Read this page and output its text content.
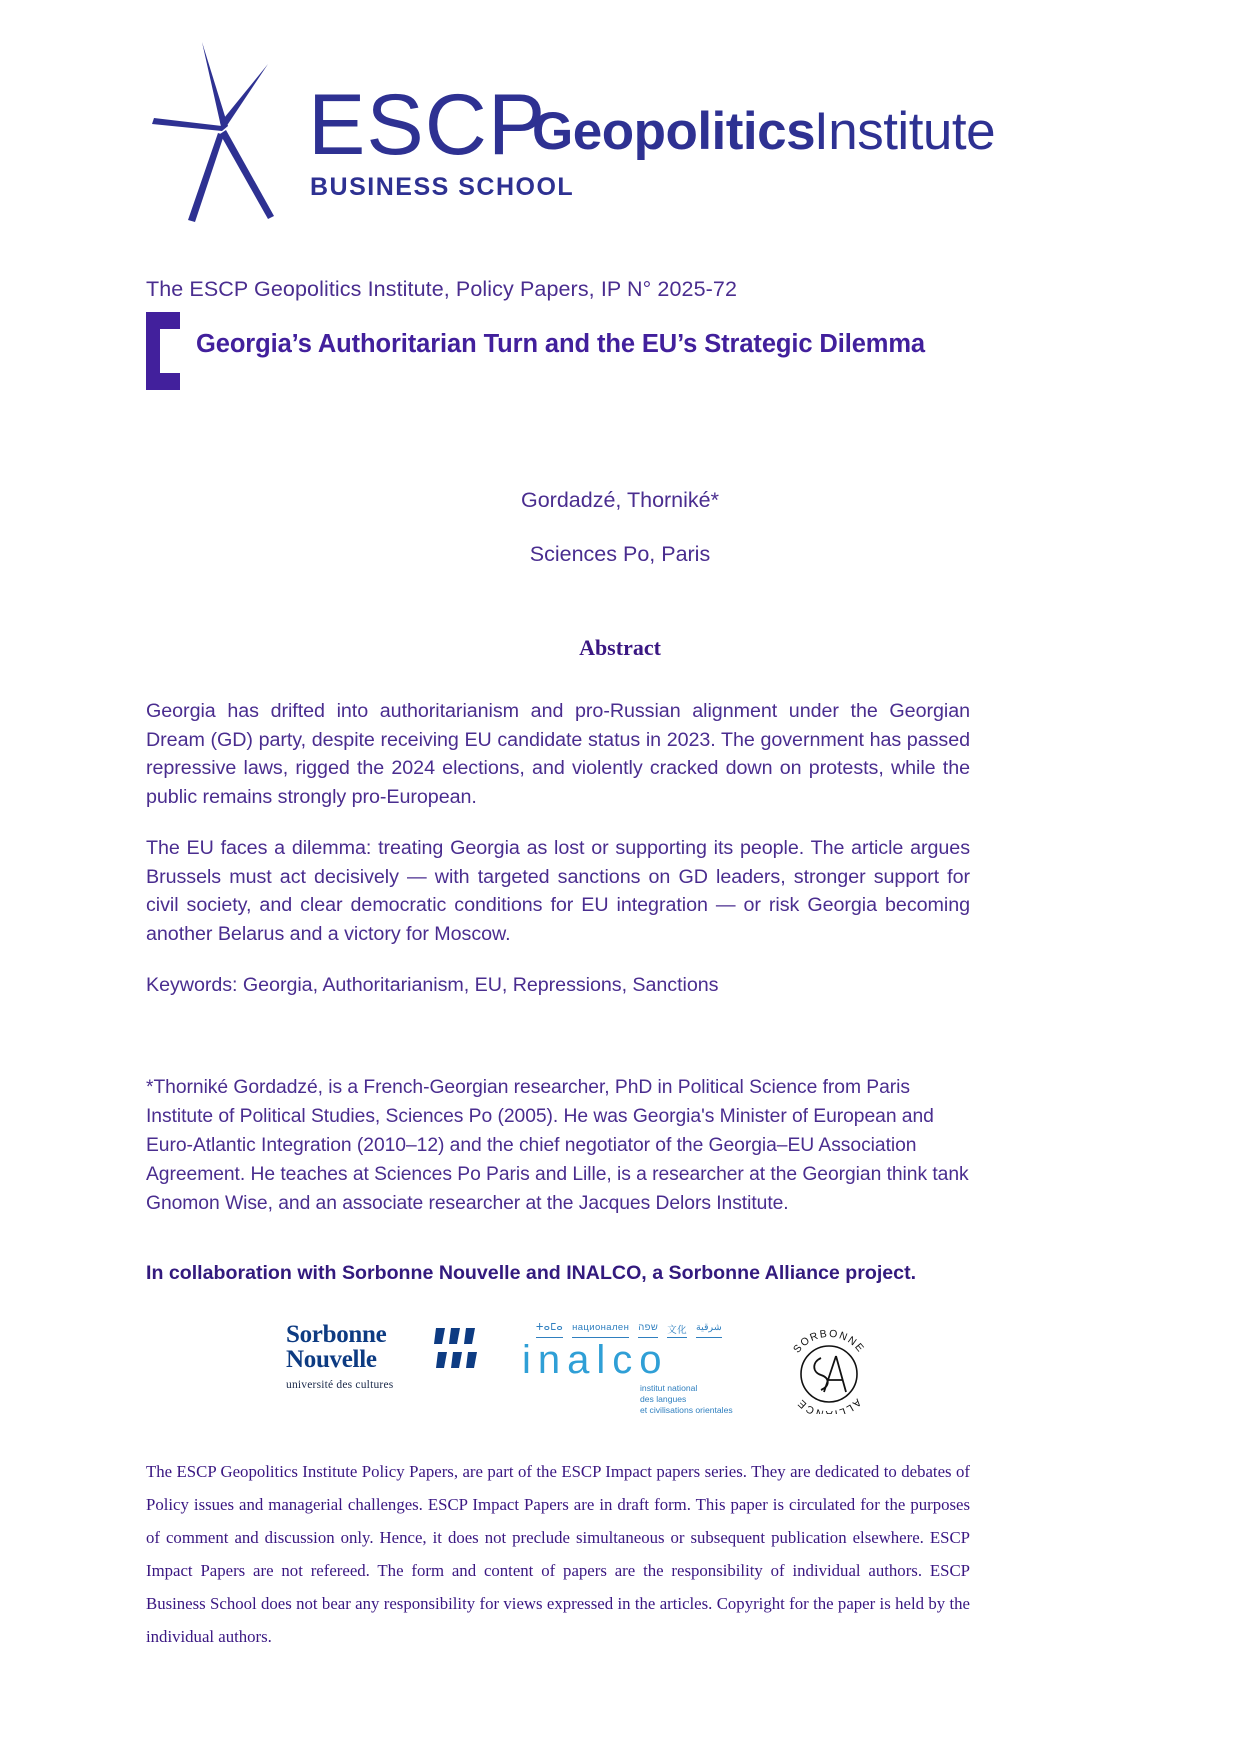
ESCP
BUSINESS SCHOOL
Geopolitics
Institute
The ESCP Geopolitics Institute, Policy Papers, IP N° 2025-72
Georgia’s Authoritarian Turn and the EU’s Strategic Dilemma
Gordadzé, Thorniké*
Sciences Po, Paris
Abstract

Georgia has drifted into authoritarianism and pro-Russian alignment under the Georgian Dream (GD) party, despite receiving EU candidate status in 2023. The government has passed repressive laws, rigged the 2024 elections, and violently cracked down on protests, while the public remains strongly pro-European.

The EU faces a dilemma: treating Georgia as lost or supporting its people. The article argues Brussels must act decisively — with targeted sanctions on GD leaders, stronger support for civil society, and clear democratic conditions for EU integration — or risk Georgia becoming another Belarus and a victory for Moscow.

Keywords: Georgia, Authoritarianism, EU, Repressions, Sanctions

*Thorniké Gordadzé, is a French-Georgian researcher, PhD in Political Science from Paris Institute of Political Studies, Sciences Po (2005). He was Georgia's Minister of European and Euro-Atlantic Integration (2010–12) and the chief negotiator of the Georgia–EU Association Agreement. He teaches at Sciences Po Paris and Lille, is a researcher at the Georgian think tank Gnomon Wise, and an associate researcher at the Jacques Delors Institute.
In collaboration with Sorbonne Nouvelle and INALCO, a Sorbonne Alliance project.
Sorbonne
Nouvelle
université des cultures
ⵜⴰⵎⴰ националeн שפה 文化 شرقية
inalco
institut national
des langues
et civilisations orientales
SORBONNE
ALLIANCE
The ESCP Geopolitics Institute Policy Papers, are part of the ESCP Impact papers series. They are dedicated to debates of Policy issues and managerial challenges. ESCP Impact Papers are in draft form. This paper is circulated for the purposes of comment and discussion only. Hence, it does not preclude simultaneous or subsequent publication elsewhere. ESCP Impact Papers are not refereed. The form and content of papers are the responsibility of individual authors. ESCP Business School does not bear any responsibility for views expressed in the articles. Copyright for the paper is held by the individual authors.
